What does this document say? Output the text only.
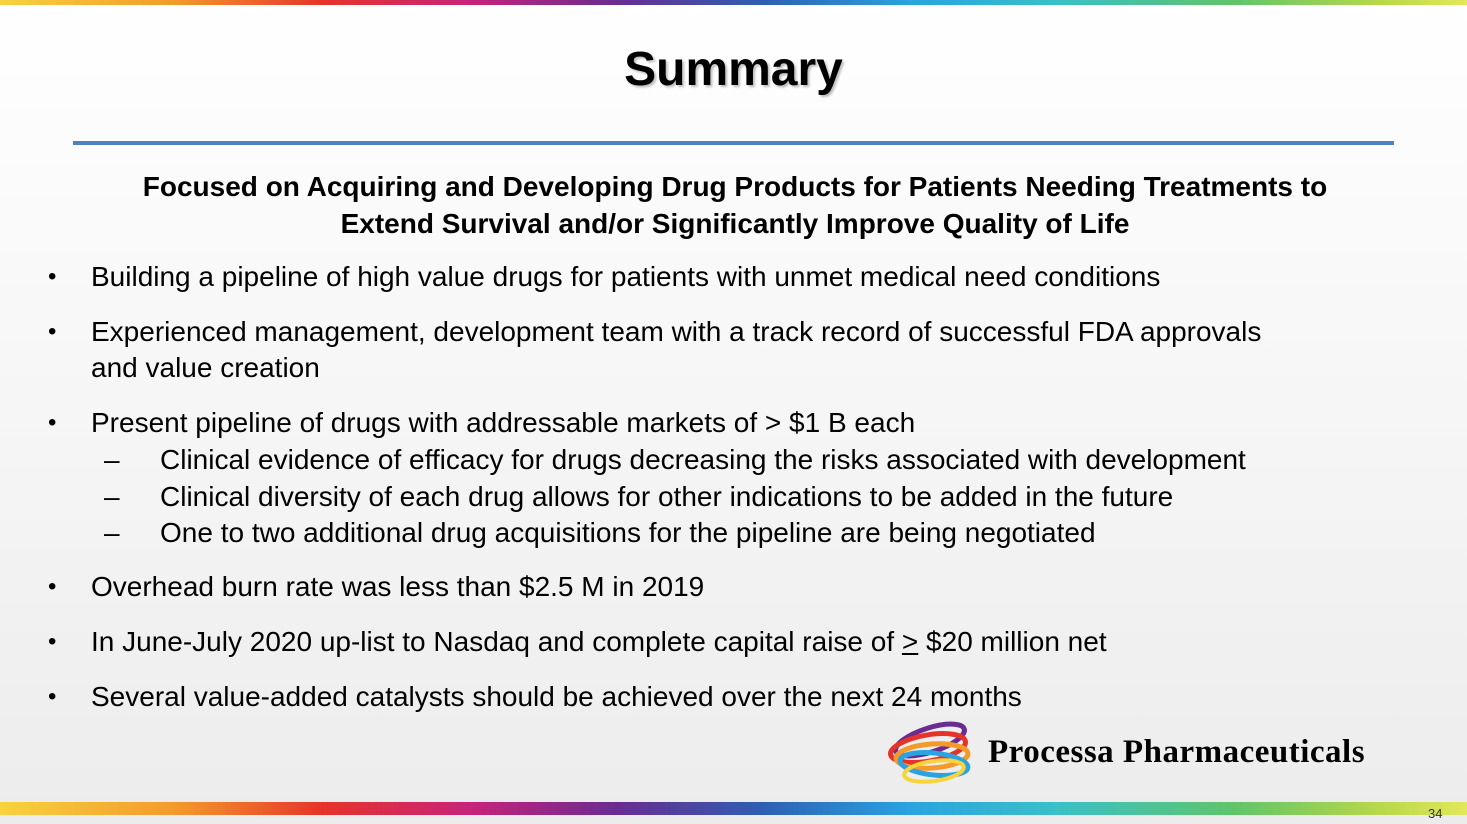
Summary
Focused on Acquiring and Developing Drug Products for Patients Needing Treatments to
Extend Survival and/or Significantly Improve Quality of Life
• Building a pipeline of high value drugs for patients with unmet medical need conditions
• Experienced management, development team with a track record of successful FDA approvals
and value creation
• Present pipeline of drugs with addressable markets of > $1 B each
– Clinical evidence of efficacy for drugs decreasing the risks associated with development
– Clinical diversity of each drug allows for other indications to be added in the future
– One to two additional drug acquisitions for the pipeline are being negotiated
• Overhead burn rate was less than $2.5 M in 2019
• In June-July 2020 up-list to Nasdaq and complete capital raise of ≥ $20 million net
• Several value-added catalysts should be achieved over the next 24 months
Processa Pharmaceuticals
34
